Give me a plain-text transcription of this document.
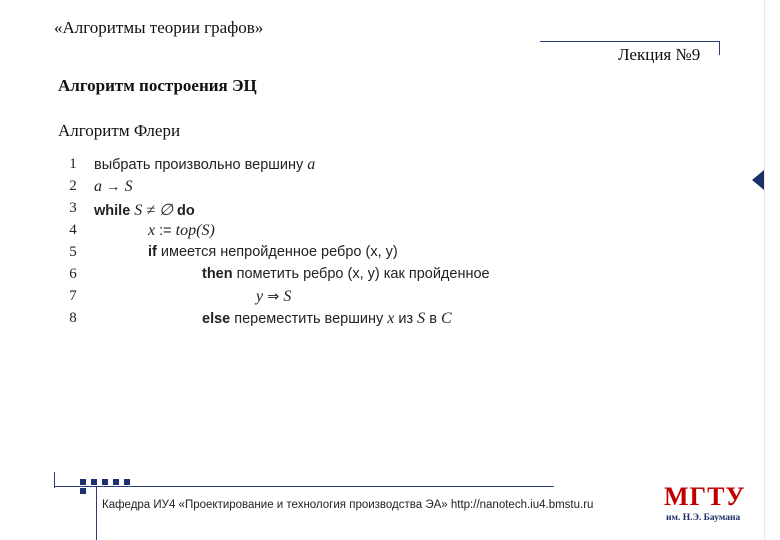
«Алгоритмы теории графов»
Лекция №9
Алгоритм построения ЭЦ
Алгоритм Флери
1 выбрать произвольно вершину a
2 a → S
3 while S ≠ ∅ do
4	x := top(S)
5	if имеется непройденное ребро (x, y)
6	then пометить ребро (x, y) как пройденное
7	y ⇒ S
8	else переместить вершину x из S в C
Кафедра ИУ4 «Проектирование и технология производства ЭА» http://nanotech.iu4.bmstu.ru	МГТУ
им. Н.Э. Баумана
